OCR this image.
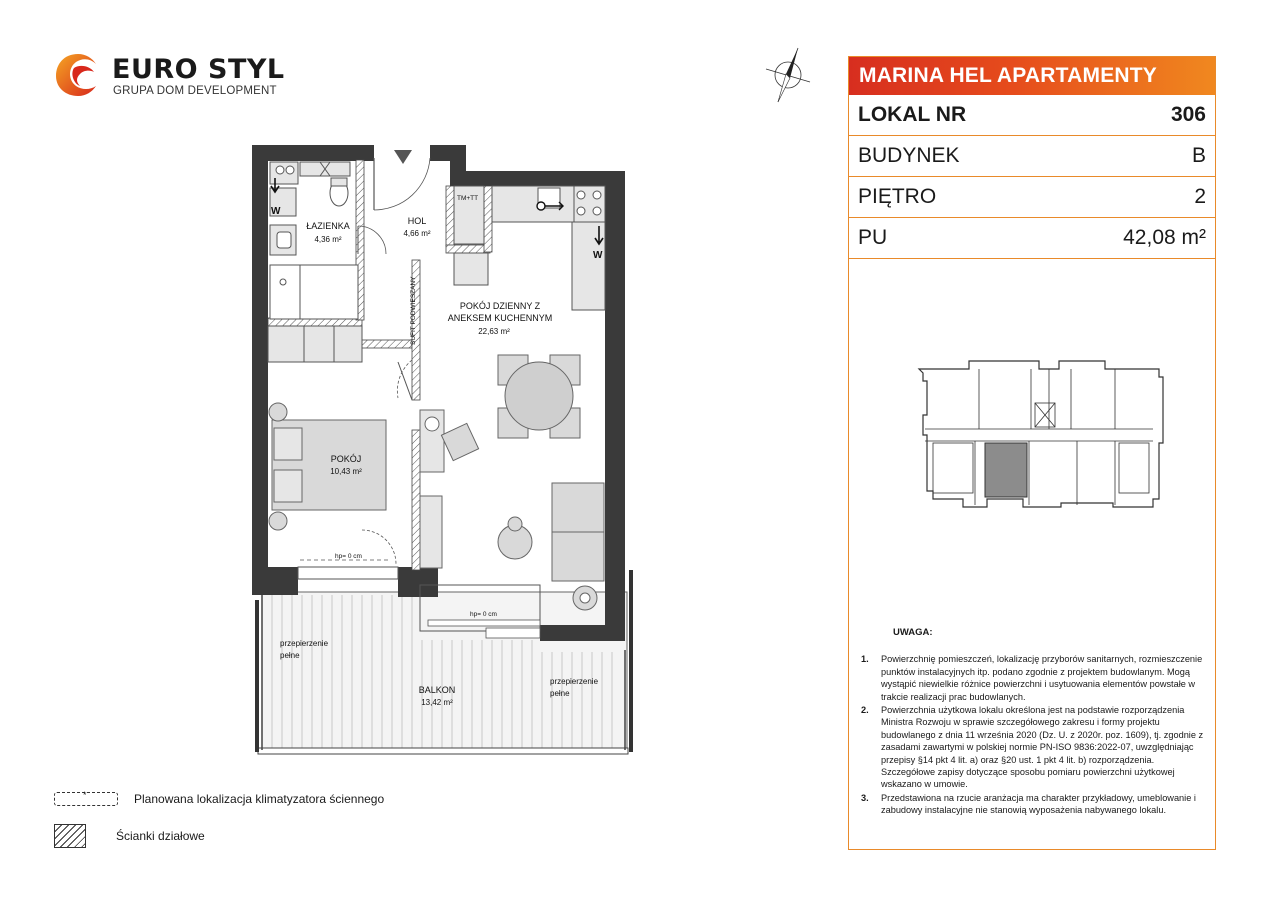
EURO STYL
GRUPA DOM DEVELOPMENT
W
TM+TT
W
ŁAZIENKA
4,36 m²
HOL
4,66 m²
POKÓJ DZIENNY Z
ANEKSEM KUCHENNYM
22,63 m²
POKÓJ
10,43 m²
BALKON
13,42 m²
SUFIT PODWIESZANY
hp= 0 cm
hp= 0 cm
przepierzenie
pełne
przepierzenie
pełne
MARINA HEL APARTAMENTY
LOKAL NR	306
BUDYNEK	B
PIĘTRO	2
PU	42,08 m²
UWAGA:
1.	Powierzchnię pomieszczeń, lokalizację przyborów sanitarnych, rozmieszczenie punktów instalacyjnych itp. podano zgodnie z projektem budowlanym. Mogą wystąpić niewielkie różnice powierzchni i usytuowania elementów powstałe w trakcie realizacji prac budowlanych.
2.	Powierzchnia użytkowa lokalu określona jest na podstawie rozporządzenia Ministra Rozwoju w sprawie szczegółowego zakresu i formy projektu budowlanego z dnia 11 września 2020 (Dz. U. z 2020r. poz. 1609), tj. zgodnie z zasadami zawartymi w polskiej normie PN-ISO 9836:2022-07, uwzględniając przepisy §14 pkt 4 lit. a) oraz §20 ust. 1 pkt 4 lit. b) rozporządzenia. Szczegółowe zapisy dotyczące sposobu pomiaru powierzchni użytkowej wskazano w umowie.
3.	Przedstawiona na rzucie aranżacja ma charakter przykładowy, umeblowanie i zabudowy instalacyjne nie stanowią wyposażenia nabywanego lokalu.
*	Planowana lokalizacja klimatyzatora ściennego
Ścianki działowe
